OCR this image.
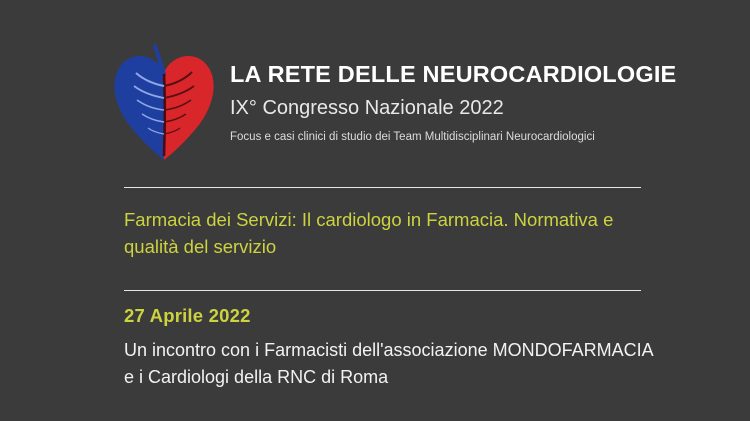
LA RETE DELLE NEUROCARDIOLOGIE
IX° Congresso Nazionale 2022
Focus e casi clinici di studio dei Team Multidisciplinari Neurocardiologici
Farmacia dei Servizi: Il cardiologo in Farmacia. Normativa e qualità del servizio
27 Aprile 2022
Un incontro con i Farmacisti dell'associazione MONDOFARMACIA e i Cardiologi della RNC di Roma
